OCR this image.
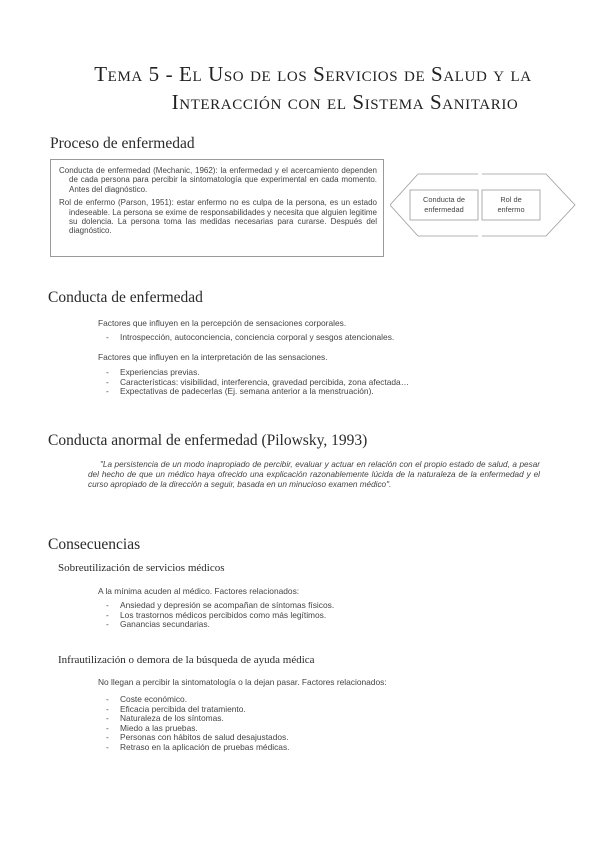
Tema 5 - El Uso de los Servicios de Salud y la
Interacción con el Sistema Sanitario
Proceso de enfermedad

Conducta de enfermedad (Mechanic, 1962): la enfermedad y el acercamiento dependen de cada persona para percibir la sintomatología que experimental en cada momento. Antes del diagnóstico.

Rol de enfermo (Parson, 1951): estar enfermo no es culpa de la persona, es un estado indeseable. La persona se exime de responsabilidades y necesita que alguien legitime su dolencia. La persona toma las medidas necesarias para curarse. Después del diagnóstico.

Conducta de
enfermedad
Rol de
enfermo
Conducta de enfermedad

Factores que influyen en la percepción de sensaciones corporales.

- Introspección, autoconciencia, conciencia corporal y sesgos atencionales.

Factores que influyen en la interpretación de las sensaciones.

- Experiencias previas.
- Características: visibilidad, interferencia, gravedad percibida, zona afectada…
- Expectativas de padecerlas (Ej. semana anterior a la menstruación).
Conducta anormal de enfermedad (Pilowsky, 1993)

"La persistencia de un modo inapropiado de percibir, evaluar y actuar en relación con el propio estado de salud, a pesar del hecho de que un médico haya ofrecido una explicación razonablemente lúcida de la naturaleza de la enfermedad y el curso apropiado de la dirección a seguir, basada en un minucioso examen médico".

Consecuencias
Sobreutilización de servicios médicos

A la mínima acuden al médico. Factores relacionados:

- Ansiedad y depresión se acompañan de síntomas físicos.
- Los trastornos médicos percibidos como más legítimos.
- Ganancias secundarias.
Infrautilización o demora de la búsqueda de ayuda médica

No llegan a percibir la sintomatología o la dejan pasar. Factores relacionados:

- Coste económico.
- Eficacia percibida del tratamiento.
- Naturaleza de los síntomas.
- Miedo a las pruebas.
- Personas con hábitos de salud desajustados.
- Retraso en la aplicación de pruebas médicas.
